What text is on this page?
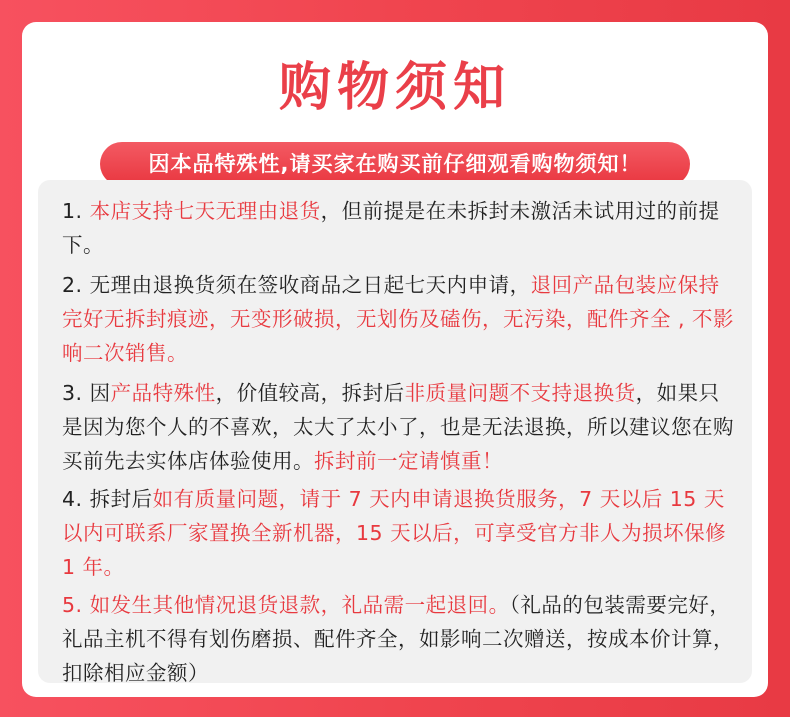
购物须知
因本品特殊性,请买家在购买前仔细观看购物须知！
1. 本店支持七天无理由退货，但前提是在未拆封未激活未试用过的前提下。
2. 无理由退换货须在签收商品之日起七天内申请，退回产品包装应保持完好无拆封痕迹，无变形破损，无划伤及磕伤，无污染，配件齐全 , 不影响二次销售。
3. 因产品特殊性，价值较高，拆封后非质量问题不支持退换货，如果只是因为您个人的不喜欢，太大了太小了，也是无法退换，所以建议您在购买前先去实体店体验使用。拆封前一定请慎重！
4. 拆封后如有质量问题，请于 7 天内申请退换货服务，7 天以后 15 天以内可联系厂家置换全新机器，15 天以后，可享受官方非人为损坏保修 1 年。
5. 如发生其他情况退货退款，礼品需一起退回。（礼品的包装需要完好，礼品主机不得有划伤磨损、配件齐全，如影响二次赠送，按成本价计算，扣除相应金额）
